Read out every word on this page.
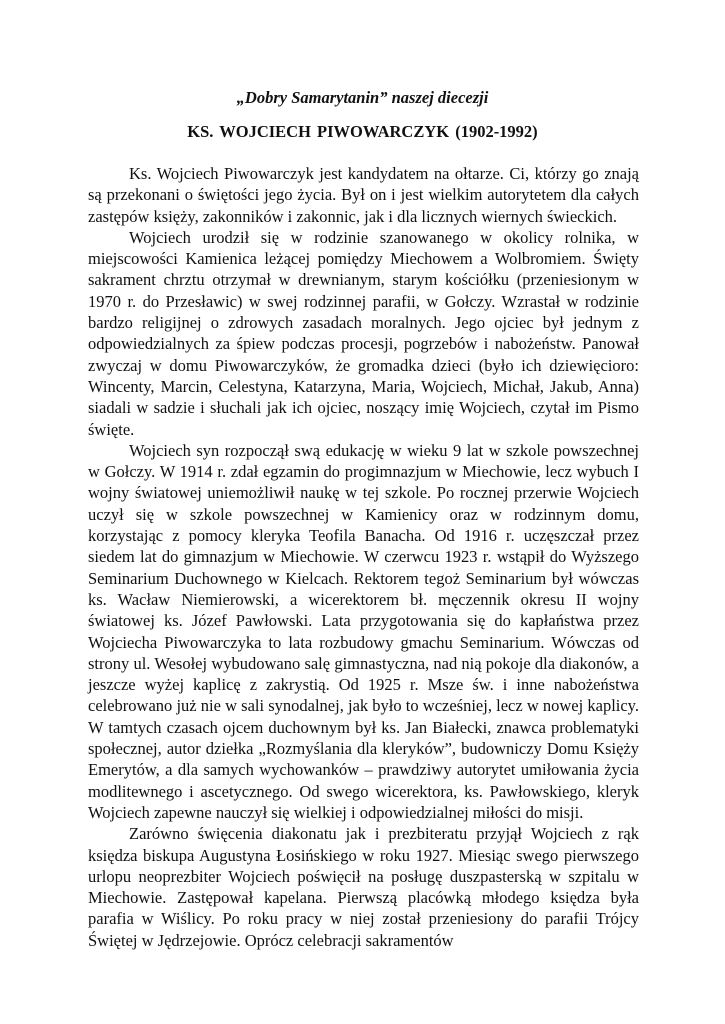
„Dobry Samarytanin” naszej diecezji
KS. WOJCIECH PIWOWARCZYK (1902-1992)

Ks. Wojciech Piwowarczyk jest kandydatem na ołtarze. Ci, którzy go znają są przekonani o świętości jego życia. Był on i jest wielkim autorytetem dla całych zastępów księży, zakonników i zakonnic, jak i dla licznych wiernych świeckich.

Wojciech urodził się w rodzinie szanowanego w okolicy rolnika, w miejscowości Kamienica leżącej pomiędzy Miechowem a Wolbromiem. Święty sakrament chrztu otrzymał w drewnianym, starym kościółku (przeniesionym w 1970 r. do Przesławic) w swej rodzinnej parafii, w Gołczy. Wzrastał w rodzinie bardzo religijnej o zdrowych zasadach moralnych. Jego ojciec był jednym z odpowiedzialnych za śpiew podczas procesji, pogrzebów i nabożeństw. Panował zwyczaj w domu Piwowarczyków, że gromadka dzieci (było ich dziewięcioro: Wincenty, Marcin, Celestyna, Katarzyna, Maria, Wojciech, Michał, Jakub, Anna) siadali w sadzie i słuchali jak ich ojciec, noszący imię Wojciech, czytał im Pismo święte.

Wojciech syn rozpoczął swą edukację w wieku 9 lat w szkole powszechnej w Gołczy. W 1914 r. zdał egzamin do progimnazjum w Miechowie, lecz wybuch I wojny światowej uniemożliwił naukę w tej szkole. Po rocznej przerwie Wojciech uczył się w szkole powszechnej w Kamienicy oraz w rodzinnym domu, korzystając z pomocy kleryka Teofila Banacha. Od 1916 r. uczęszczał przez siedem lat do gimnazjum w Miechowie. W czerwcu 1923 r. wstąpił do Wyższego Seminarium Duchownego w Kielcach. Rektorem tegoż Seminarium był wówczas ks. Wacław Niemierowski, a wicerektorem bł. męczennik okresu II wojny światowej ks. Józef Pawłowski. Lata przygotowania się do kapłaństwa przez Wojciecha Piwowarczyka to lata rozbudowy gmachu Seminarium. Wówczas od strony ul. Wesołej wybudowano salę gimnastyczna, nad nią pokoje dla diakonów, a jeszcze wyżej kaplicę z zakrystią. Od 1925 r. Msze św. i inne nabożeństwa celebrowano już nie w sali synodalnej, jak było to wcześniej, lecz w nowej kaplicy. W tamtych czasach ojcem duchownym był ks. Jan Białecki, znawca problematyki społecznej, autor dziełka „Rozmyślania dla kleryków”, budowniczy Domu Księży Emerytów, a dla samych wychowanków – prawdziwy autorytet umiłowania życia modlitewnego i ascetycznego. Od swego wicerektora, ks. Pawłowskiego, kleryk Wojciech zapewne nauczył się wielkiej i odpowiedzialnej miłości do misji.

Zarówno święcenia diakonatu jak i prezbiteratu przyjął Wojciech z rąk księdza biskupa Augustyna Łosińskiego w roku 1927. Miesiąc swego pierwszego urlopu neoprezbiter Wojciech poświęcił na posługę duszpasterską w szpitalu w Miechowie. Zastępował kapelana. Pierwszą placówką młodego księdza była parafia w Wiślicy. Po roku pracy w niej został przeniesiony do parafii Trójcy Świętej w Jędrzejowie. Oprócz celebracji sakramentów
